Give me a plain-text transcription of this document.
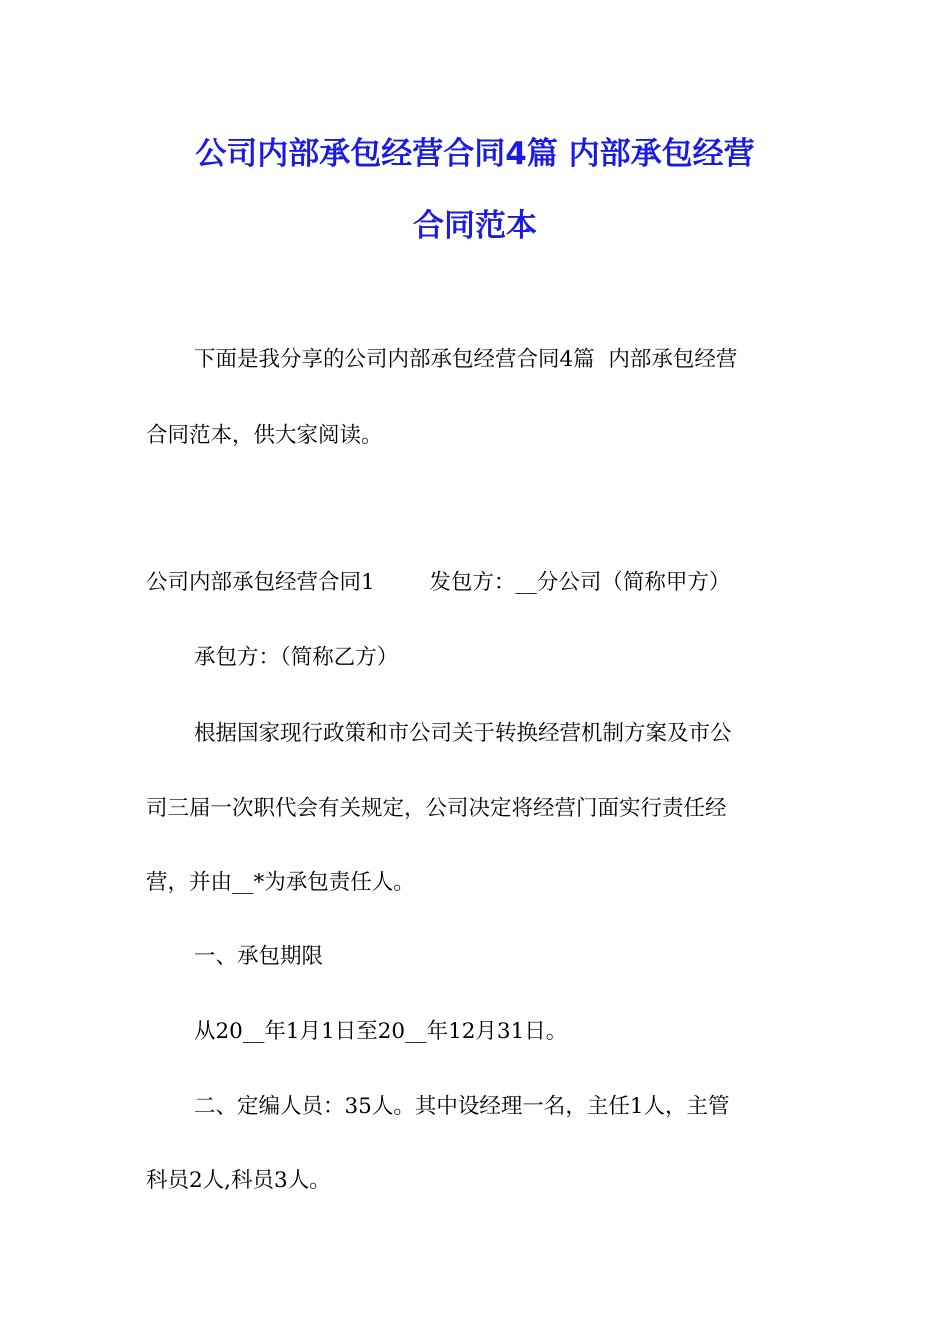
公司内部承包经营合同4篇 内部承包经营
合同范本
下面是我分享的公司内部承包经营合同4篇  内部承包经营
合同范本，供大家阅读。
公司内部承包经营合同1        发包方：__分公司（简称甲方）
承包方：（简称乙方）
根据国家现行政策和市公司关于转换经营机制方案及市公
司三届一次职代会有关规定，公司决定将经营门面实行责任经
营，并由__*为承包责任人。
一、承包期限
从20__年1月1日至20__年12月31日。
二、定编人员：35人。其中设经理一名，主任1人，主管
科员2人,科员3人。
